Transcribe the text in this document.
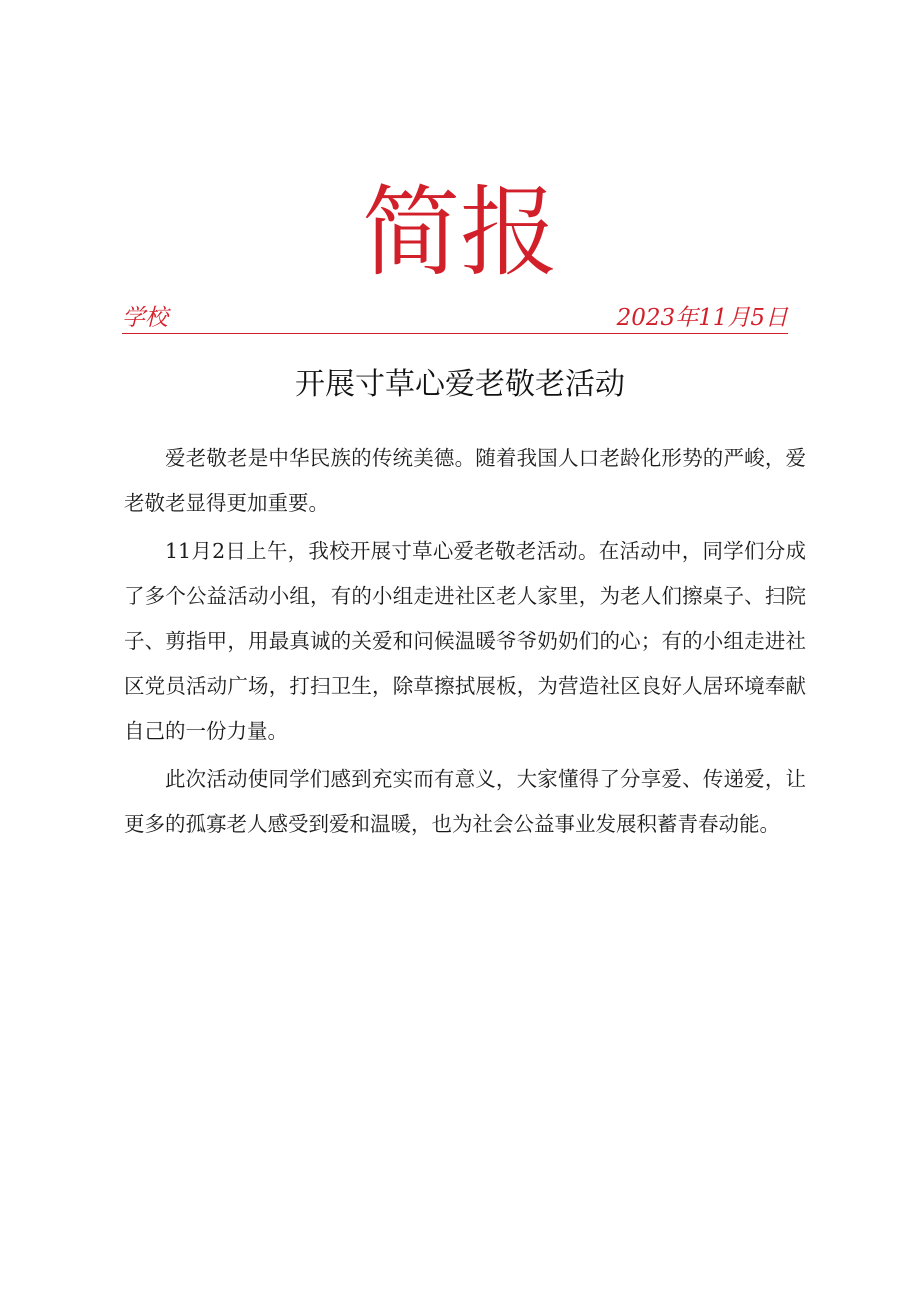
简报
学校	2023年11月5日
开展寸草心爱老敬老活动

爱老敬老是中华民族的传统美德。随着我国人口老龄化形势的严峻，爱老敬老显得更加重要。

11月2日上午，我校开展寸草心爱老敬老活动。在活动中，同学们分成了多个公益活动小组，有的小组走进社区老人家里，为老人们擦桌子、扫院子、剪指甲，用最真诚的关爱和问候温暖爷爷奶奶们的心；有的小组走进社区党员活动广场，打扫卫生，除草擦拭展板，为营造社区良好人居环境奉献自己的一份力量。

此次活动使同学们感到充实而有意义，大家懂得了分享爱、传递爱，让更多的孤寡老人感受到爱和温暖，也为社会公益事业发展积蓄青春动能。
